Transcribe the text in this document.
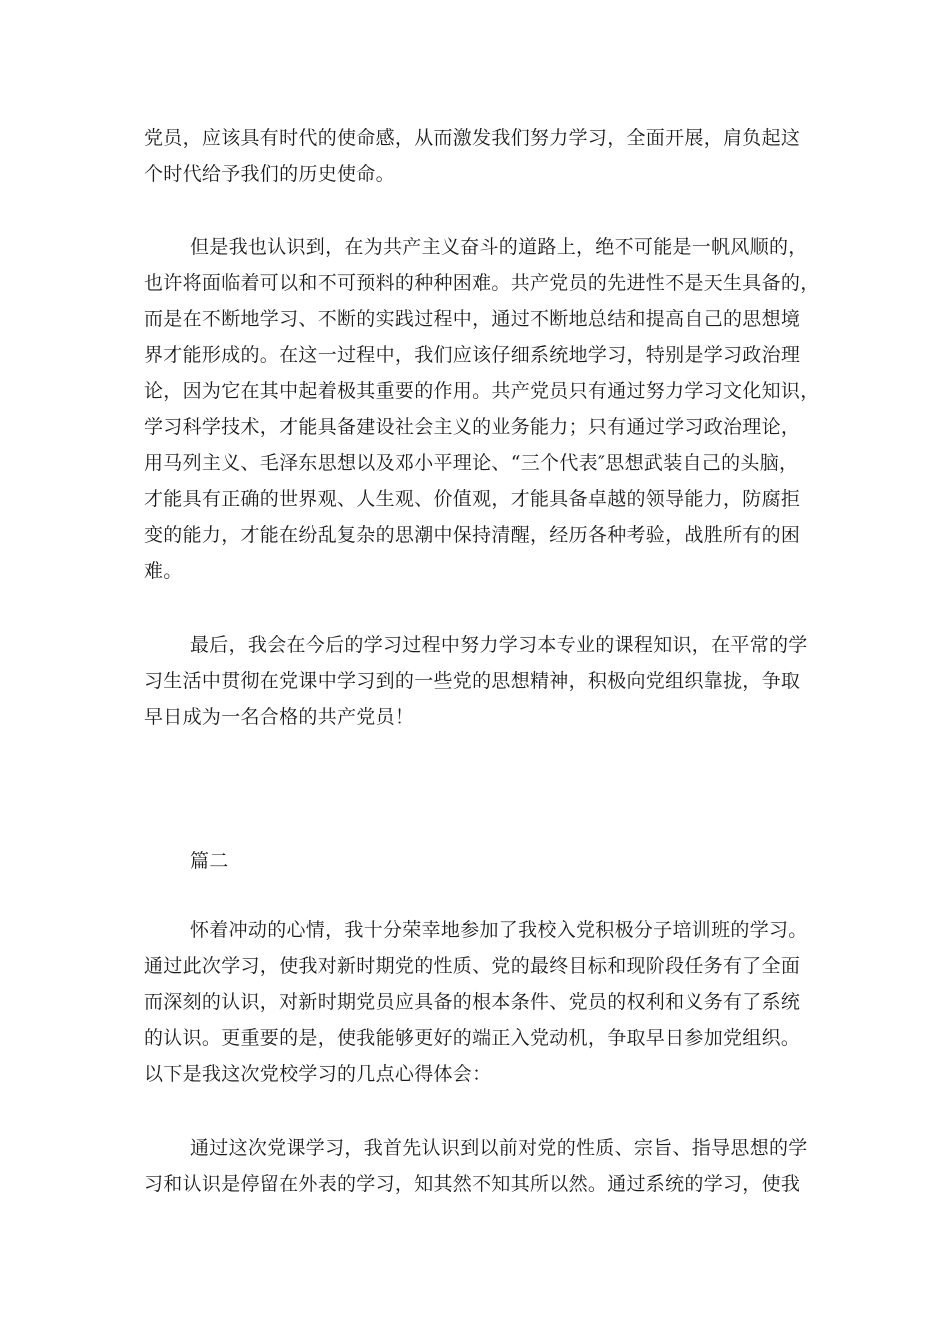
党员，应该具有时代的使命感，从而激发我们努力学习，全面开展，肩负起这
个时代给予我们的历史使命。
但是我也认识到，在为共产主义奋斗的道路上，绝不可能是一帆风顺的，
也许将面临着可以和不可预料的种种困难。共产党员的先进性不是天生具备的，
而是在不断地学习、不断的实践过程中，通过不断地总结和提高自己的思想境
界才能形成的。在这一过程中，我们应该仔细系统地学习，特别是学习政治理
论，因为它在其中起着极其重要的作用。共产党员只有通过努力学习文化知识，
学习科学技术，才能具备建设社会主义的业务能力；只有通过学习政治理论，
用马列主义、毛泽东思想以及邓小平理论、“三个代表″思想武装自己的头脑，
才能具有正确的世界观、人生观、价值观，才能具备卓越的领导能力，防腐拒
变的能力，才能在纷乱复杂的思潮中保持清醒，经历各种考验，战胜所有的困
难。
最后，我会在今后的学习过程中努力学习本专业的课程知识，在平常的学
习生活中贯彻在党课中学习到的一些党的思想精神，积极向党组织靠拢，争取
早日成为一名合格的共产党员！
篇二
怀着冲动的心情，我十分荣幸地参加了我校入党积极分子培训班的学习。
通过此次学习，使我对新时期党的性质、党的最终目标和现阶段任务有了全面
而深刻的认识，对新时期党员应具备的根本条件、党员的权利和义务有了系统
的认识。更重要的是，使我能够更好的端正入党动机，争取早日参加党组织。
以下是我这次党校学习的几点心得体会：
通过这次党课学习，我首先认识到以前对党的性质、宗旨、指导思想的学
习和认识是停留在外表的学习，知其然不知其所以然。通过系统的学习，使我
